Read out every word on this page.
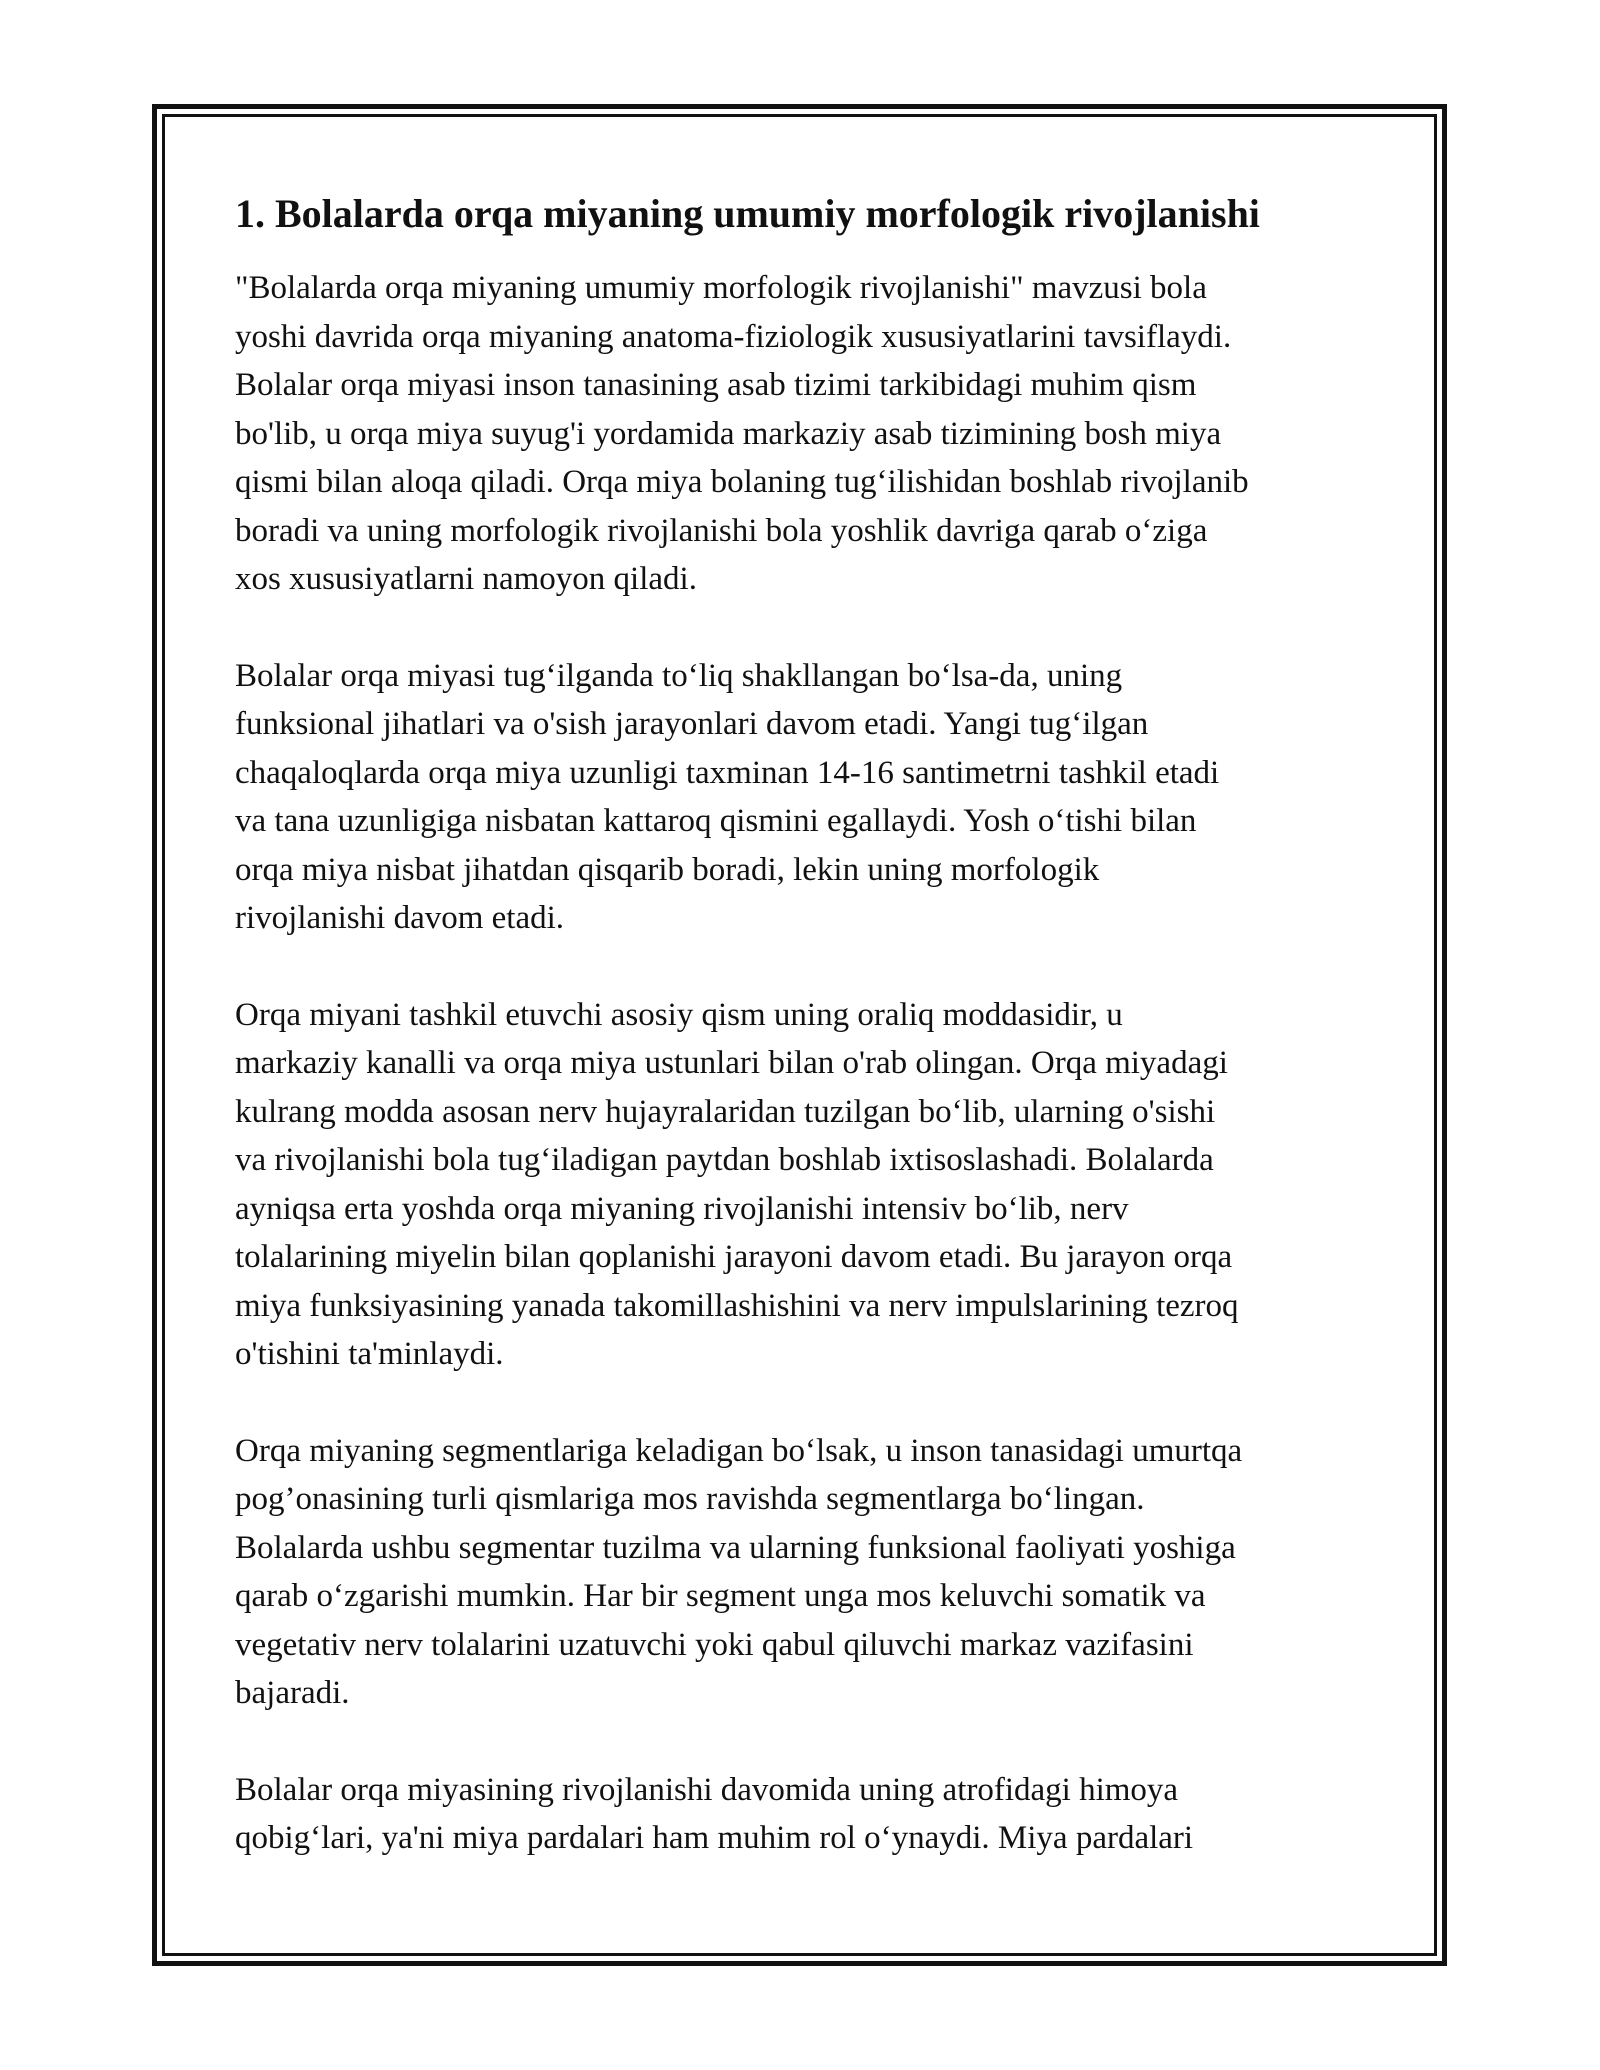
1. Bolalarda orqa miyaning umumiy morfologik rivojlanishi
"Bolalarda orqa miyaning umumiy morfologik rivojlanishi" mavzusi bola
yoshi davrida orqa miyaning anatoma-fiziologik xususiyatlarini tavsiflaydi.
Bolalar orqa miyasi inson tanasining asab tizimi tarkibidagi muhim qism
bo'lib, u orqa miya suyug'i yordamida markaziy asab tizimining bosh miya
qismi bilan aloqa qiladi. Orqa miya bolaning tug‘ilishidan boshlab rivojlanib
boradi va uning morfologik rivojlanishi bola yoshlik davriga qarab o‘ziga
xos xususiyatlarni namoyon qiladi.
Bolalar orqa miyasi tug‘ilganda to‘liq shakllangan bo‘lsa-da, uning
funksional jihatlari va o'sish jarayonlari davom etadi. Yangi tug‘ilgan
chaqaloqlarda orqa miya uzunligi taxminan 14-16 santimetrni tashkil etadi
va tana uzunligiga nisbatan kattaroq qismini egallaydi. Yosh o‘tishi bilan
orqa miya nisbat jihatdan qisqarib boradi, lekin uning morfologik
rivojlanishi davom etadi.
Orqa miyani tashkil etuvchi asosiy qism uning oraliq moddasidir, u
markaziy kanalli va orqa miya ustunlari bilan o'rab olingan. Orqa miyadagi
kulrang modda asosan nerv hujayralaridan tuzilgan bo‘lib, ularning o'sishi
va rivojlanishi bola tug‘iladigan paytdan boshlab ixtisoslashadi. Bolalarda
ayniqsa erta yoshda orqa miyaning rivojlanishi intensiv bo‘lib, nerv
tolalarining miyelin bilan qoplanishi jarayoni davom etadi. Bu jarayon orqa
miya funksiyasining yanada takomillashishini va nerv impulslarining tezroq
o'tishini ta'minlaydi.
Orqa miyaning segmentlariga keladigan bo‘lsak, u inson tanasidagi umurtqa
pog’onasining turli qismlariga mos ravishda segmentlarga bo‘lingan.
Bolalarda ushbu segmentar tuzilma va ularning funksional faoliyati yoshiga
qarab o‘zgarishi mumkin. Har bir segment unga mos keluvchi somatik va
vegetativ nerv tolalarini uzatuvchi yoki qabul qiluvchi markaz vazifasini
bajaradi.
Bolalar orqa miyasining rivojlanishi davomida uning atrofidagi himoya
qobig‘lari, ya'ni miya pardalari ham muhim rol o‘ynaydi. Miya pardalari
